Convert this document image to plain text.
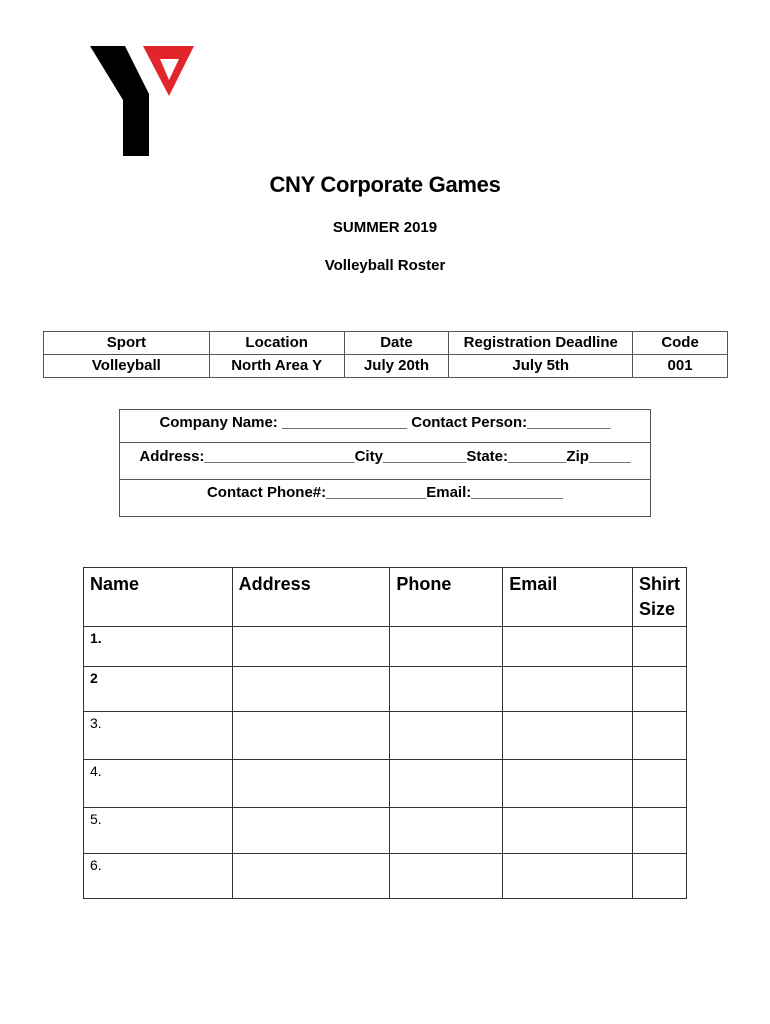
CNY Corporate Games
SUMMER 2019
Volleyball Roster
Sport	Location	Date	Registration Deadline	Code
Volleyball	North Area Y	July 20th	July 5th	001
Company Name: _______________ Contact Person:__________
Address:__________________City__________State:_______Zip_____
Contact Phone#:____________Email:___________
Name	Address	Phone	Email	Shirt Size
1.				
2				
3.				
4.				
5.				
6.				
